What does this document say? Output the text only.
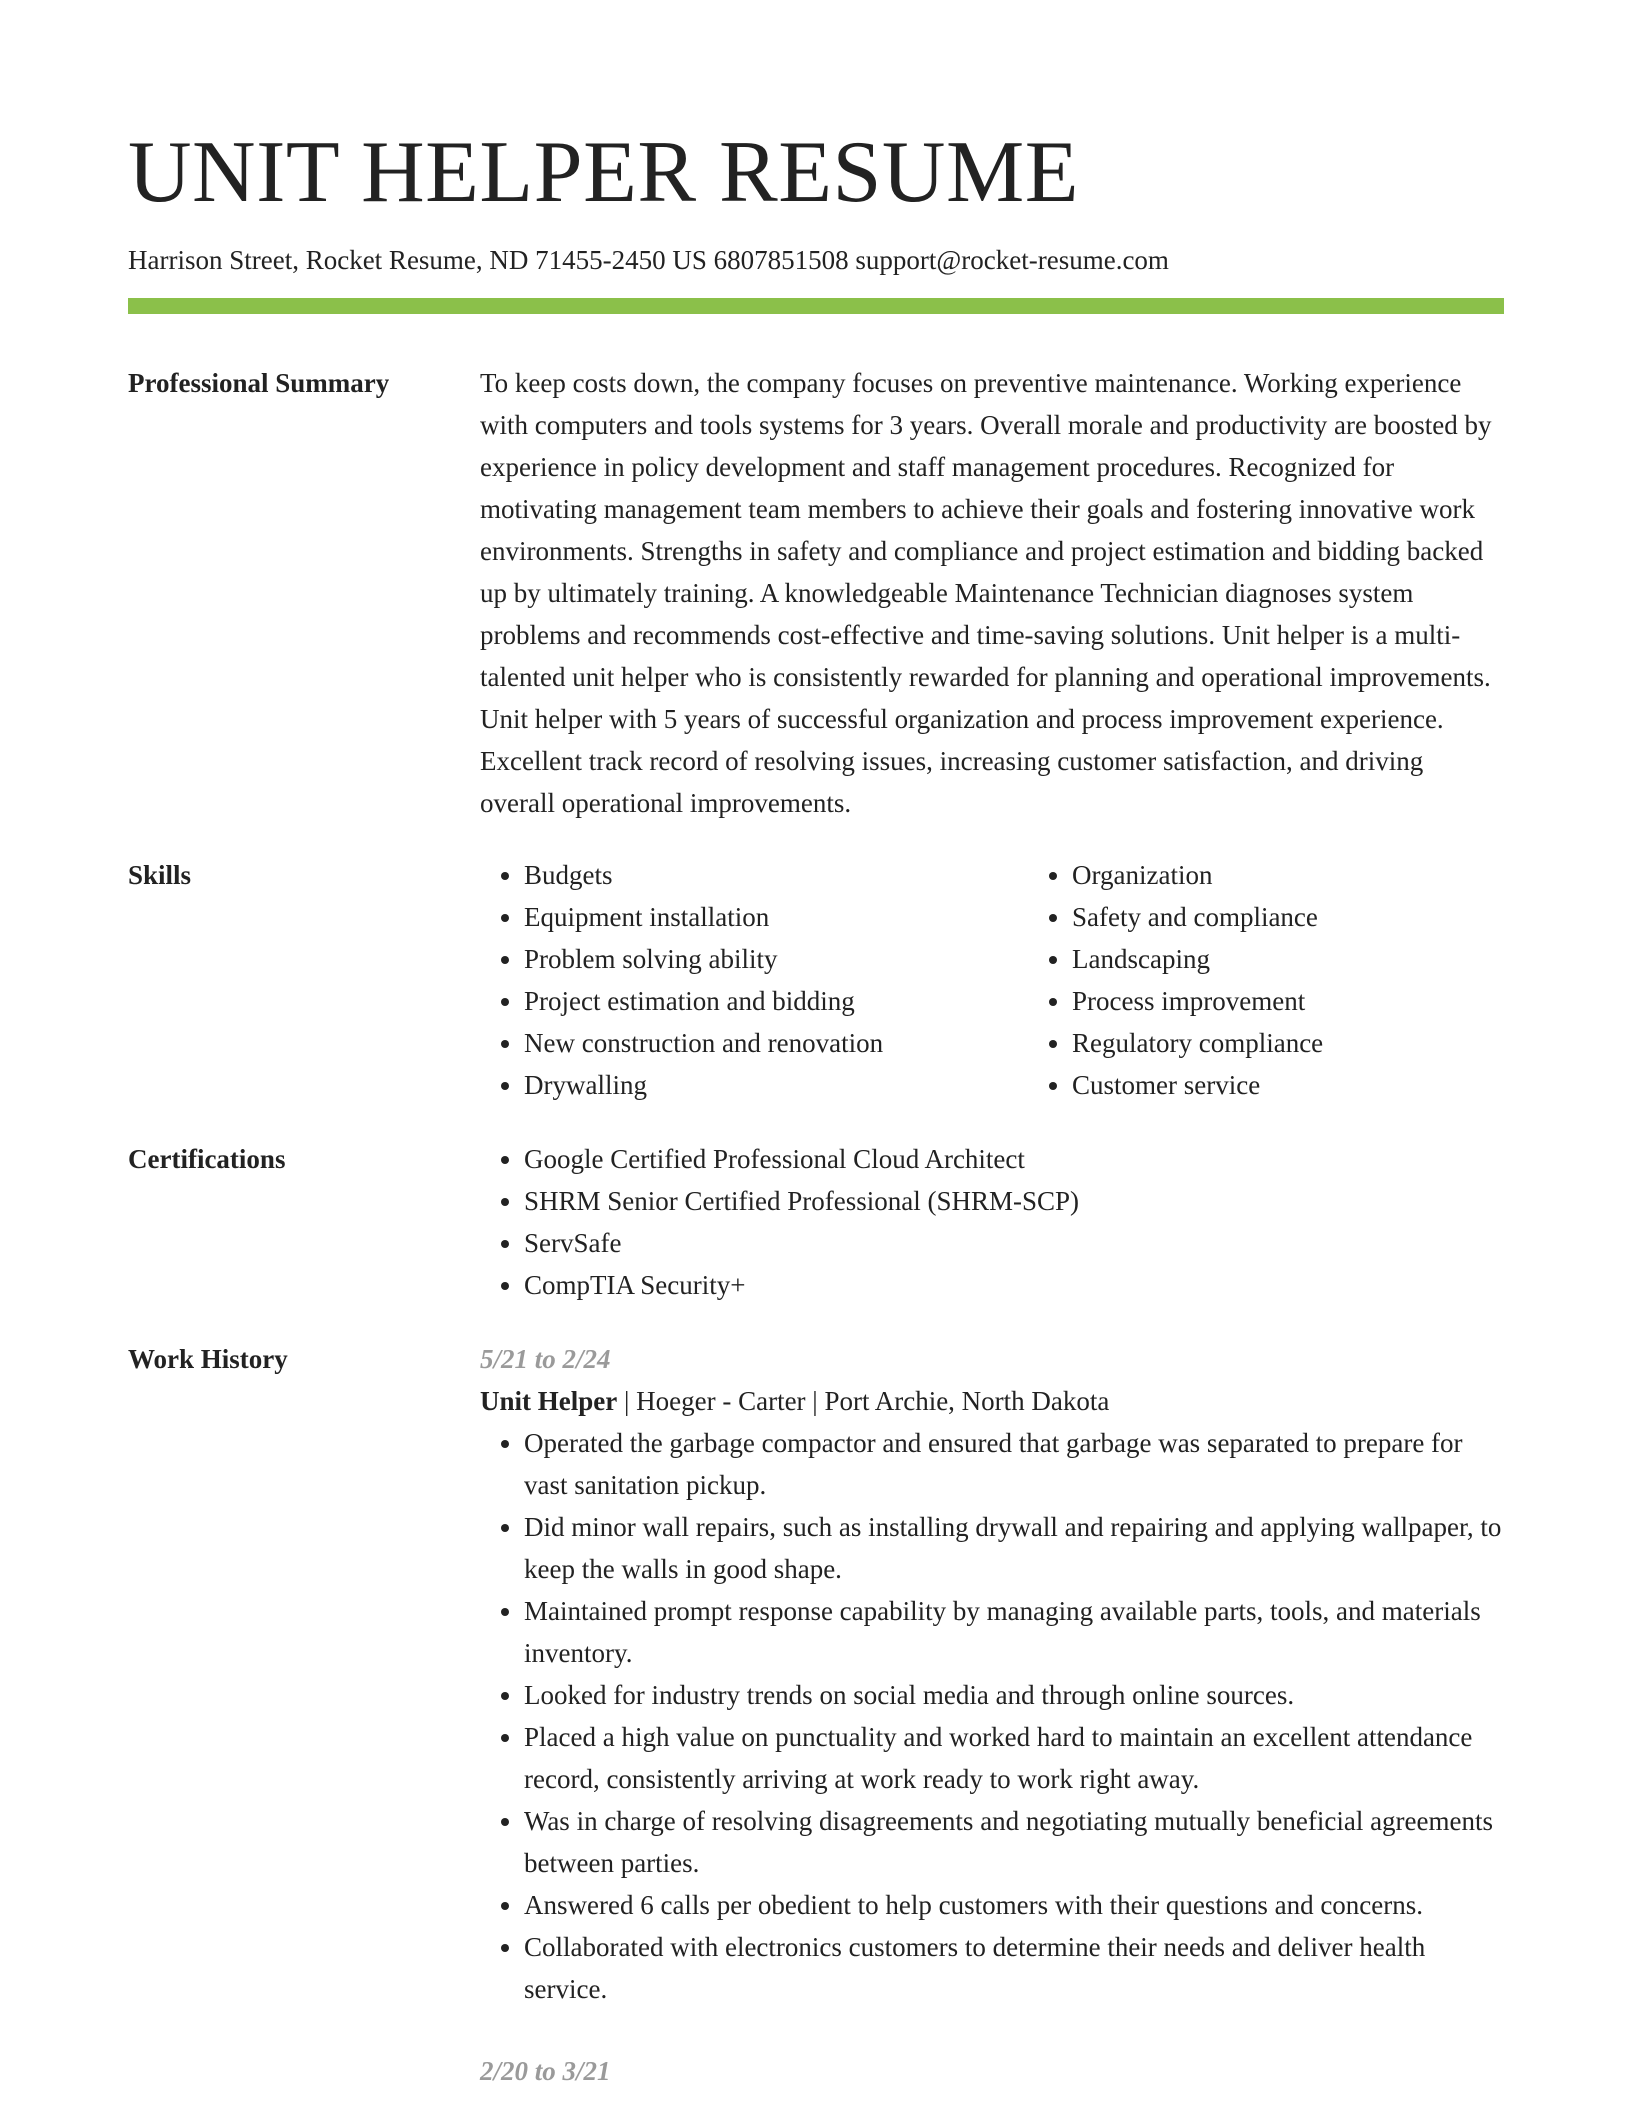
UNIT HELPER RESUME
Harrison Street, Rocket Resume, ND 71455-2450 US 6807851508 support@rocket-resume.com
Professional Summary	To keep costs down, the company focuses on preventive maintenance. Working experience with computers and tools systems for 3 years. Overall morale and productivity are boosted by experience in policy development and staff management procedures. Recognized for motivating management team members to achieve their goals and fostering innovative work environments. Strengths in safety and compliance and project estimation and bidding backed up by ultimately training. A knowledgeable Maintenance Technician diagnoses system problems and recommends cost-effective and time-saving solutions. Unit helper is a multi-talented unit helper who is consistently rewarded for planning and operational improvements. Unit helper with 5 years of successful organization and process improvement experience. Excellent track record of resolving issues, increasing customer satisfaction, and driving overall operational improvements.

Skills	• Budgets
• Equipment installation
• Problem solving ability
• Project estimation and bidding
• New construction and renovation
• Drywalling
• Organization
• Safety and compliance
• Landscaping
• Process improvement
• Regulatory compliance
• Customer service
Certifications	• Google Certified Professional Cloud Architect
• SHRM Senior Certified Professional (SHRM-SCP)
• ServSafe
• CompTIA Security+
Work History	5/21 to 2/24
Unit Helper | Hoeger - Carter | Port Archie, North Dakota
• Operated the garbage compactor and ensured that garbage was separated to prepare for vast sanitation pickup.
• Did minor wall repairs, such as installing drywall and repairing and applying wallpaper, to keep the walls in good shape.
• Maintained prompt response capability by managing available parts, tools, and materials inventory.
• Looked for industry trends on social media and through online sources.
• Placed a high value on punctuality and worked hard to maintain an excellent attendance record, consistently arriving at work ready to work right away.
• Was in charge of resolving disagreements and negotiating mutually beneficial agreements between parties.
• Answered 6 calls per obedient to help customers with their questions and concerns.
• Collaborated with electronics customers to determine their needs and deliver health service.
2/20 to 3/21
